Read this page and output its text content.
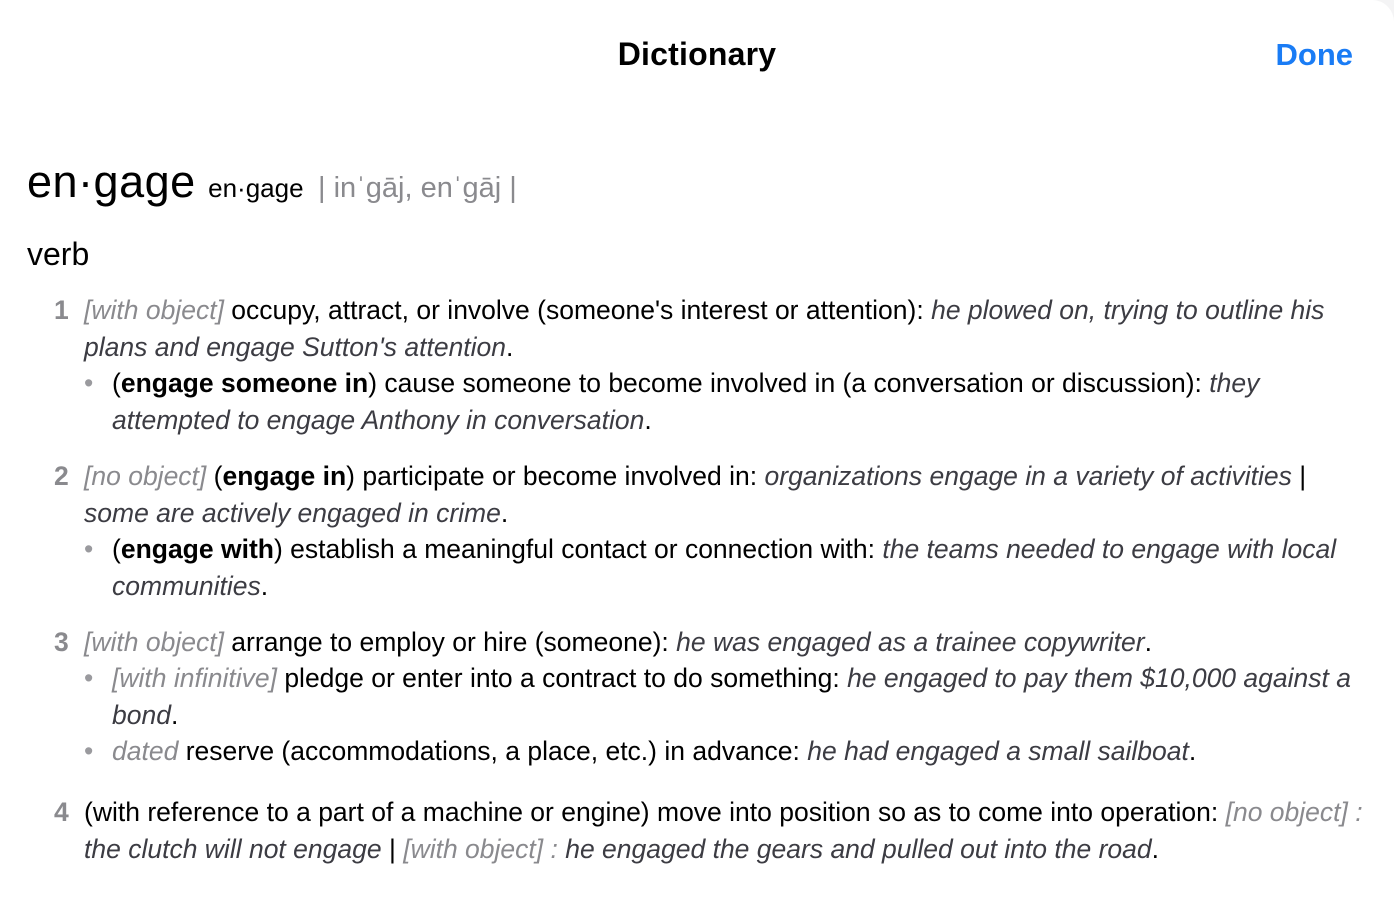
Dictionary	Done
en·gage en·gage | inˈgāj, enˈgāj |
verb
1 [with object] occupy, attract, or involve (someone's interest or attention): he plowed on, trying to outline his plans and engage Sutton's attention.
• (engage someone in) cause someone to become involved in (a conversation or discussion): they attempted to engage Anthony in conversation.
2 [no object] (engage in) participate or become involved in: organizations engage in a variety of activities | some are actively engaged in crime.
• (engage with) establish a meaningful contact or connection with: the teams needed to engage with local communities.
3 [with object] arrange to employ or hire (someone): he was engaged as a trainee copywriter.
• [with infinitive] pledge or enter into a contract to do something: he engaged to pay them $10,000 against a bond.
• dated reserve (accommodations, a place, etc.) in advance: he had engaged a small sailboat.
4 (with reference to a part of a machine or engine) move into position so as to come into operation: [no object] : the clutch will not engage | [with object] : he engaged the gears and pulled out into the road.
